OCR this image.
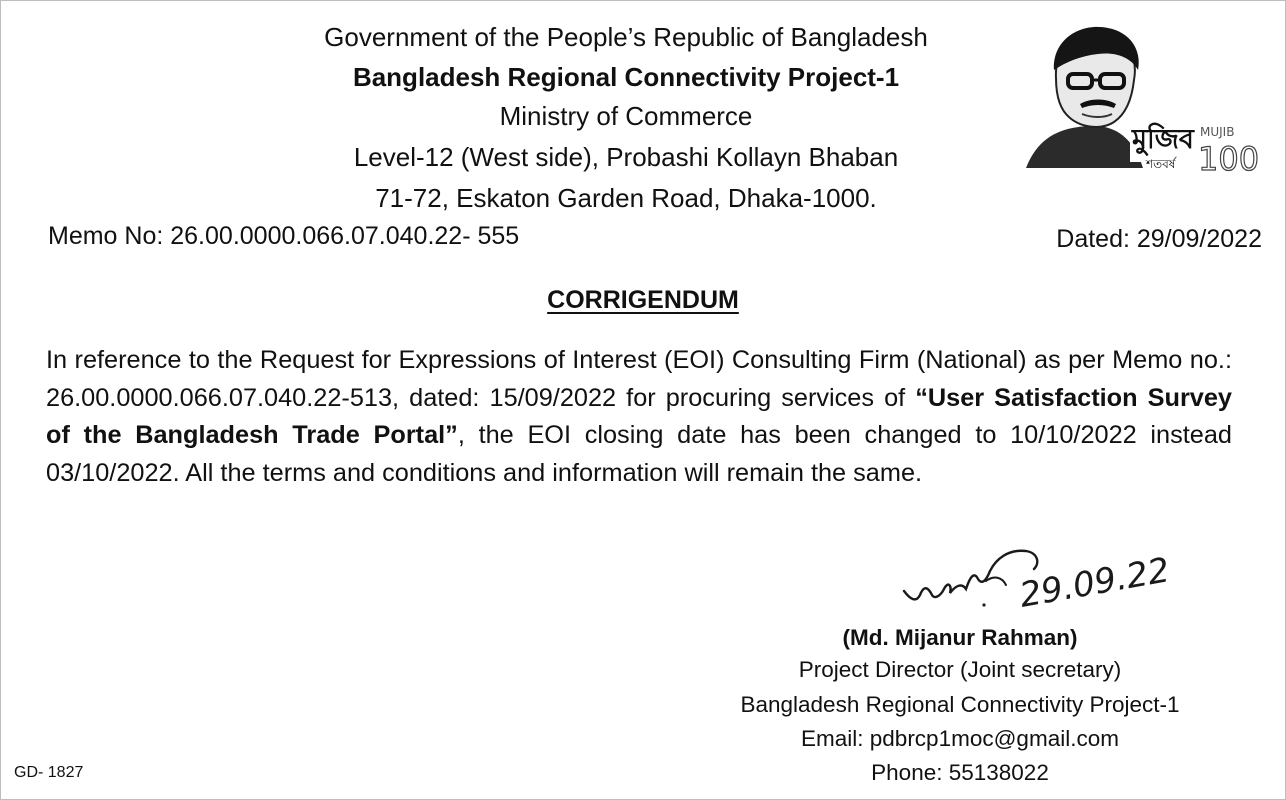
Government of the People’s Republic of Bangladesh
Bangladesh Regional Connectivity Project-1
Ministry of Commerce
Level-12 (West side), Probashi Kollayn Bhaban
71-72, Eskaton Garden Road, Dhaka-1000.
মুজিব
শতবর্ষ
MUJIB
100
Memo No: 26.00.0000.066.07.040.22- 555	Dated: 29/09/2022
CORRIGENDUM
In reference to the Request for Expressions of Interest (EOI) Consulting Firm (National) as per Memo no.: 26.00.0000.066.07.040.22-513, dated: 15/09/2022 for procuring services of “User Satisfaction Survey of the Bangladesh Trade Portal”, the EOI closing date has been changed to 10/10/2022 instead 03/10/2022. All the terms and conditions and information will remain the same.
29.09.22
(Md. Mijanur Rahman)
Project Director (Joint secretary)
Bangladesh Regional Connectivity Project-1
Email: pdbrcp1moc@gmail.com
Phone: 55138022
GD- 1827
